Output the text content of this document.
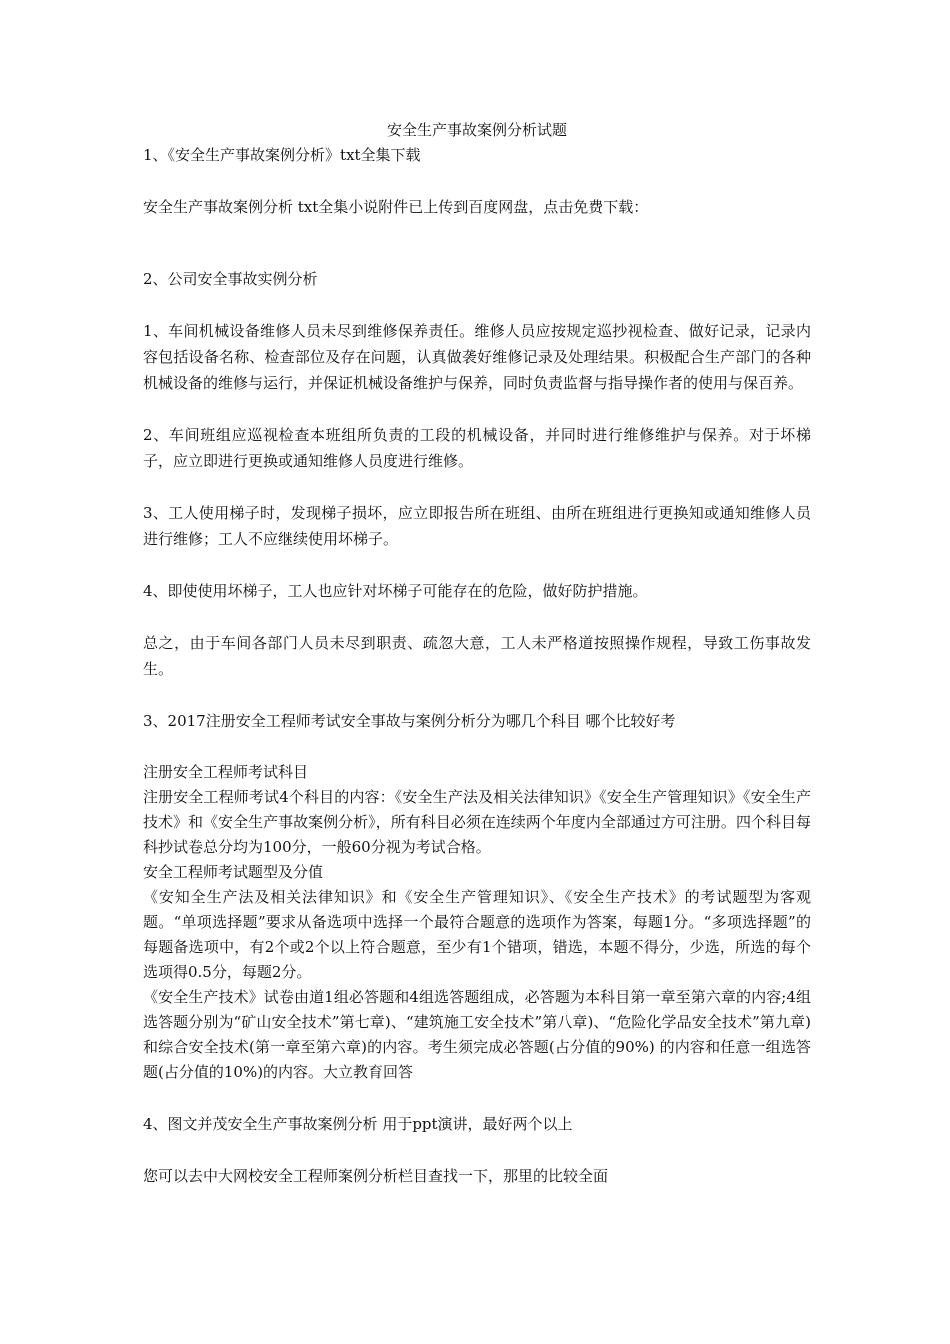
安全生产事故案例分析试题

1、《安全生产事故案例分析》txt全集下载

安全生产事故案例分析 txt全集小说附件已上传到百度网盘，点击免费下载：

2、公司安全事故实例分析

1、车间机械设备维修人员未尽到维修保养责任。维修人员应按规定巡抄视检查、做好记录，记录内容包括设备名称、检查部位及存在问题，认真做袭好维修记录及处理结果。积极配合生产部门的各种机械设备的维修与运行，并保证机械设备维护与保养，同时负责监督与指导操作者的使用与保百养。

2、车间班组应巡视检查本班组所负责的工段的机械设备，并同时进行维修维护与保养。对于坏梯子，应立即进行更换或通知维修人员度进行维修。

3、工人使用梯子时，发现梯子损坏，应立即报告所在班组、由所在班组进行更换知或通知维修人员进行维修；工人不应继续使用坏梯子。

4、即使使用坏梯子，工人也应针对坏梯子可能存在的危险，做好防护措施。

总之，由于车间各部门人员未尽到职责、疏忽大意，工人未严格道按照操作规程，导致工伤事故发生。

3、2017注册安全工程师考试安全事故与案例分析分为哪几个科目 哪个比较好考

注册安全工程师考试科目

注册安全工程师考试4个科目的内容：《安全生产法及相关法律知识》《安全生产管理知识》《安全生产技术》和《安全生产事故案例分析》，所有科目必须在连续两个年度内全部通过方可注册。四个科目每科抄试卷总分均为100分，一般60分视为考试合格。

安全工程师考试题型及分值

《安知全生产法及相关法律知识》和《安全生产管理知识》、《安全生产技术》的考试题型为客观题。“单项选择题”要求从备选项中选择一个最符合题意的选项作为答案，每题1分。“多项选择题”的每题备选项中，有2个或2个以上符合题意，至少有1个错项，错选，本题不得分，少选，所选的每个选项得0.5分，每题2分。

《安全生产技术》试卷由道1组必答题和4组选答题组成，必答题为本科目第一章至第六章的内容;4组选答题分别为“矿山安全技术”第七章)、“建筑施工安全技术”第八章)、“危险化学品安全技术”第九章)和综合安全技术(第一章至第六章)的内容。考生须完成必答题(占分值的90%) 的内容和任意一组选答题(占分值的10%)的内容。大立教育回答

4、图文并茂安全生产事故案例分析 用于ppt演讲，最好两个以上

您可以去中大网校安全工程师案例分析栏目查找一下，那里的比较全面
